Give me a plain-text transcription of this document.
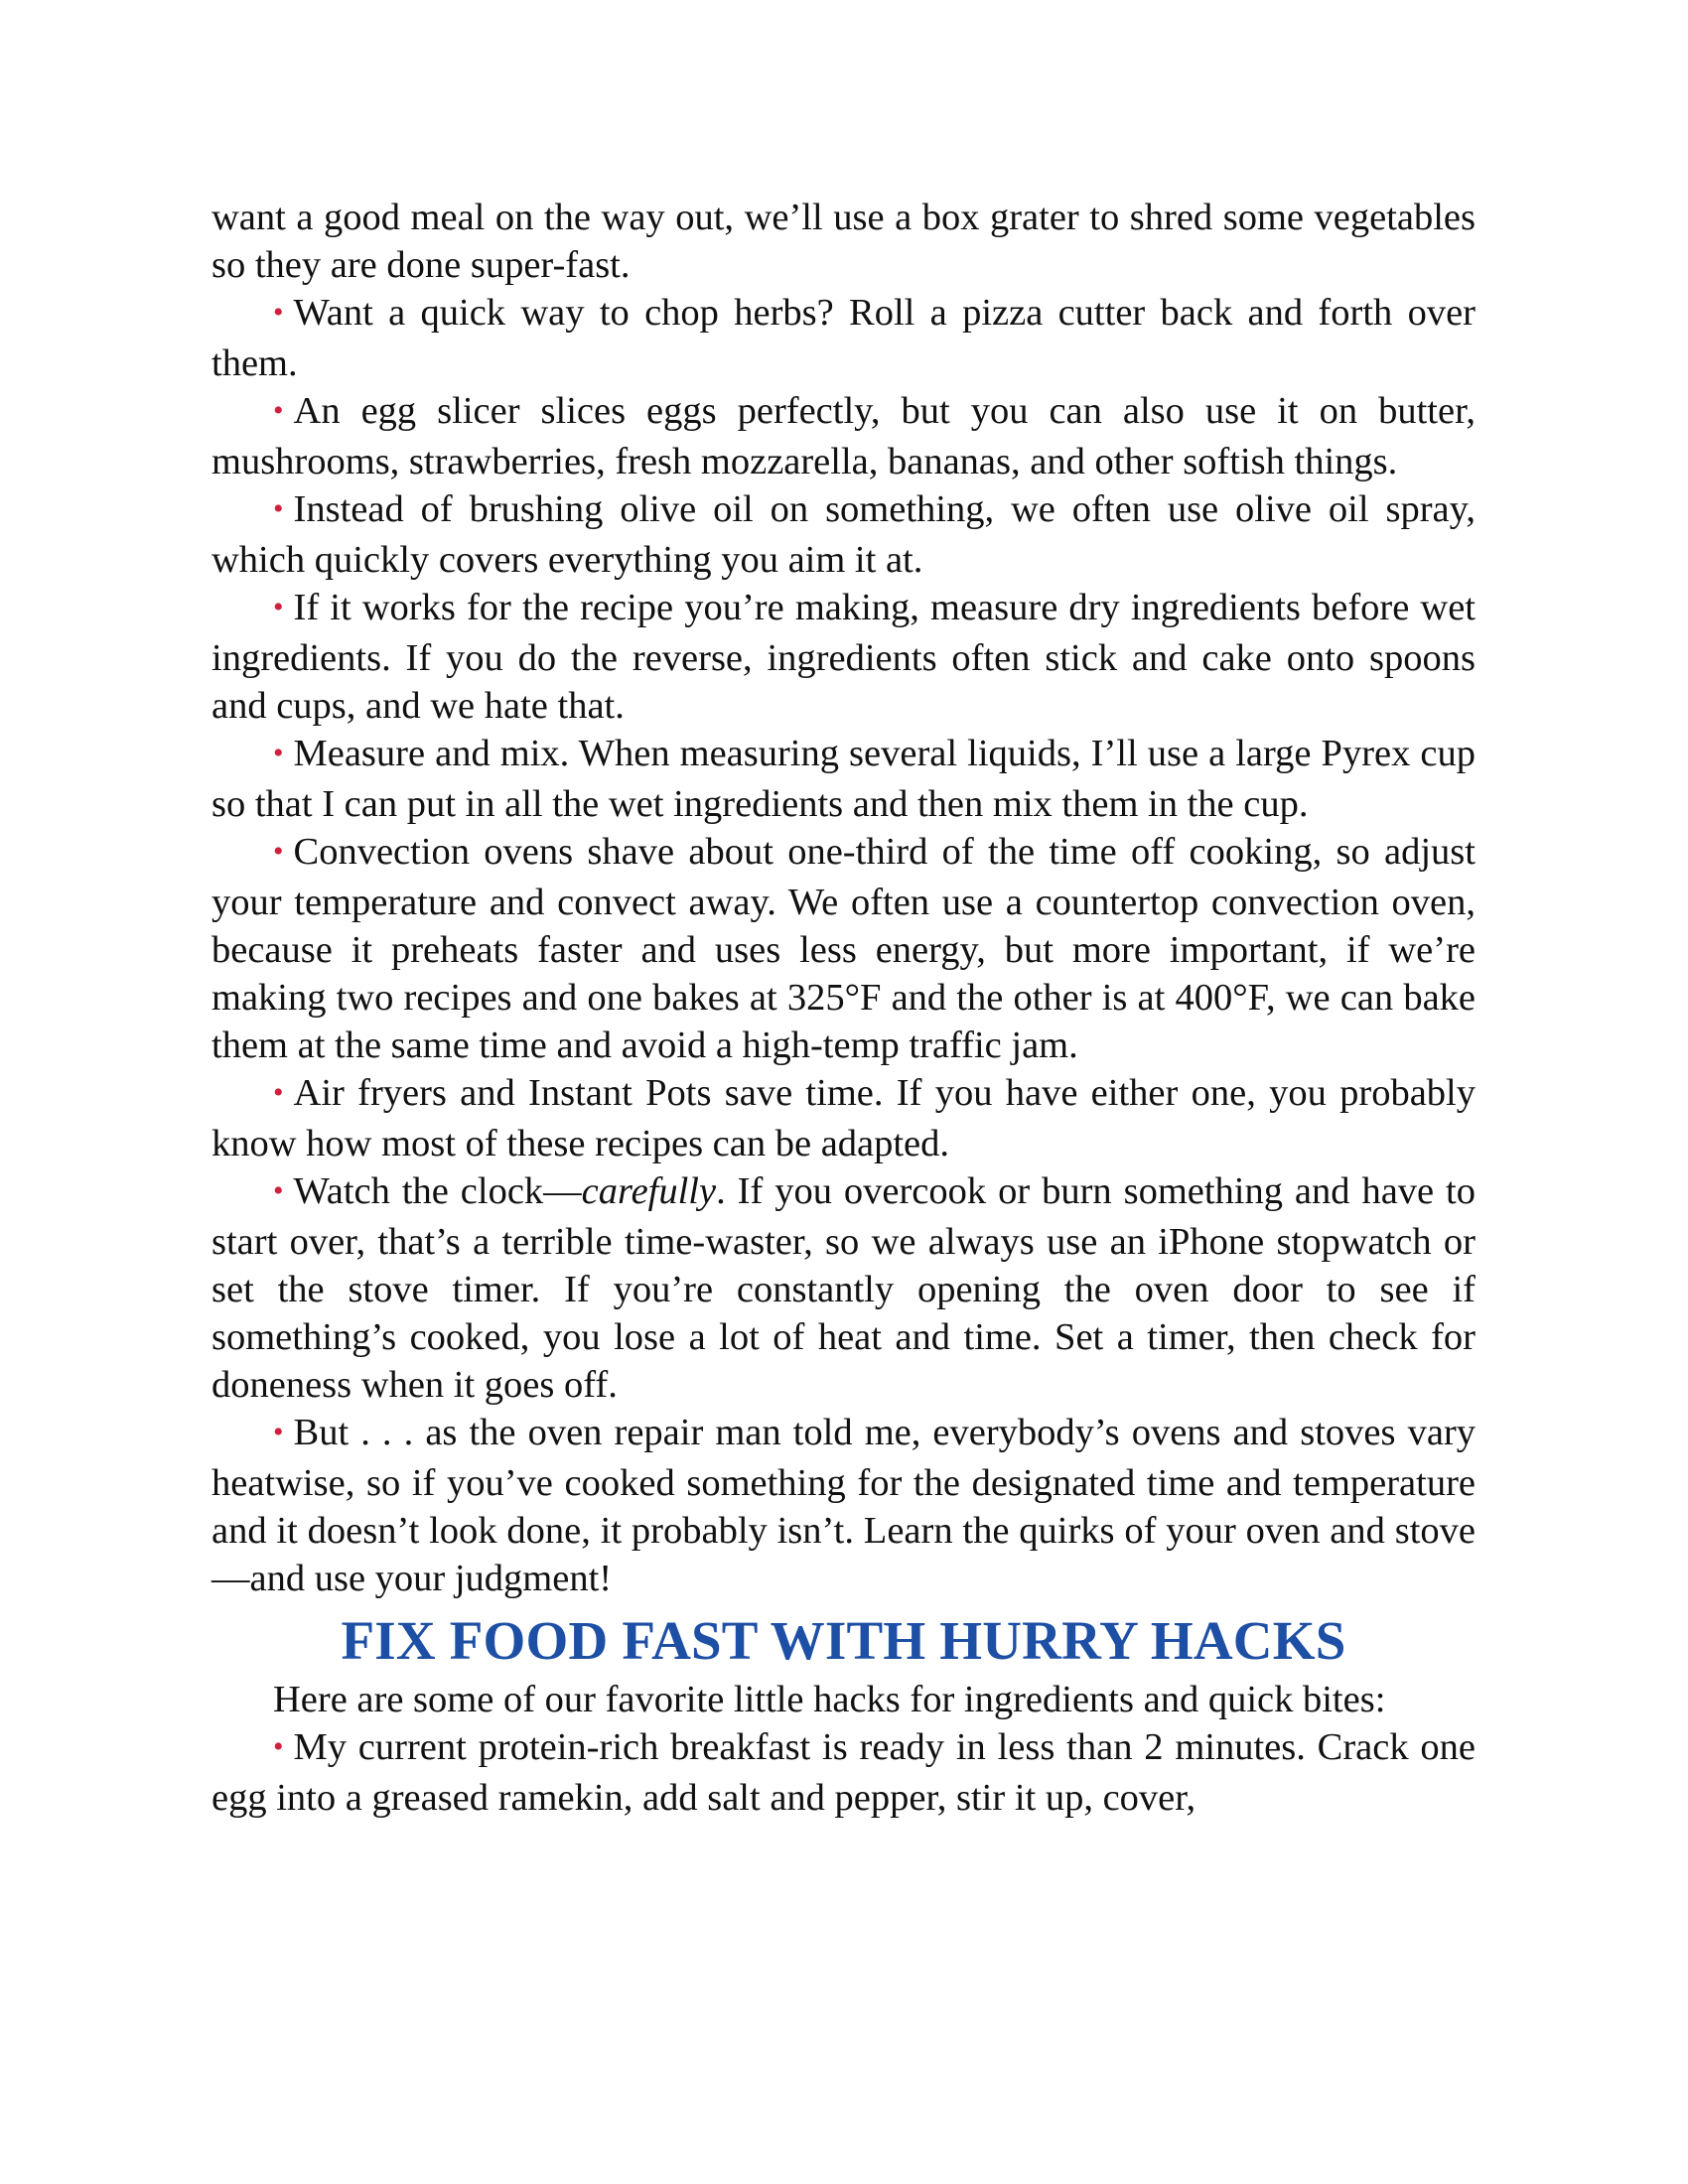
want a good meal on the way out, we’ll use a box grater to shred some vegetables so they are done super-fast.

• Want a quick way to chop herbs? Roll a pizza cutter back and forth over them.

• An egg slicer slices eggs perfectly, but you can also use it on butter, mushrooms, strawberries, fresh mozzarella, bananas, and other softish things.

• Instead of brushing olive oil on something, we often use olive oil spray, which quickly covers everything you aim it at.

• If it works for the recipe you’re making, measure dry ingredients before wet ingredients. If you do the reverse, ingredients often stick and cake onto spoons and cups, and we hate that.

• Measure and mix. When measuring several liquids, I’ll use a large Pyrex cup so that I can put in all the wet ingredients and then mix them in the cup.

• Convection ovens shave about one-third of the time off cooking, so adjust your temperature and convect away. We often use a countertop convection oven, because it preheats faster and uses less energy, but more important, if we’re making two recipes and one bakes at 325°F and the other is at 400°F, we can bake them at the same time and avoid a high-temp traffic jam.

• Air fryers and Instant Pots save time. If you have either one, you probably know how most of these recipes can be adapted.

• Watch the clock—carefully. If you overcook or burn something and have to start over, that’s a terrible time-waster, so we always use an iPhone stopwatch or set the stove timer. If you’re constantly opening the oven door to see if something’s cooked, you lose a lot of heat and time. Set a timer, then check for doneness when it goes off.

• But . . . as the oven repair man told me, everybody’s ovens and stoves vary heatwise, so if you’ve cooked something for the designated time and temperature and it doesn’t look done, it probably isn’t. Learn the quirks of your oven and stove—and use your judgment!

FIX FOOD FAST WITH HURRY HACKS

Here are some of our favorite little hacks for ingredients and quick bites:

• My current protein-rich breakfast is ready in less than 2 minutes. Crack one egg into a greased ramekin, add salt and pepper, stir it up, cover,
